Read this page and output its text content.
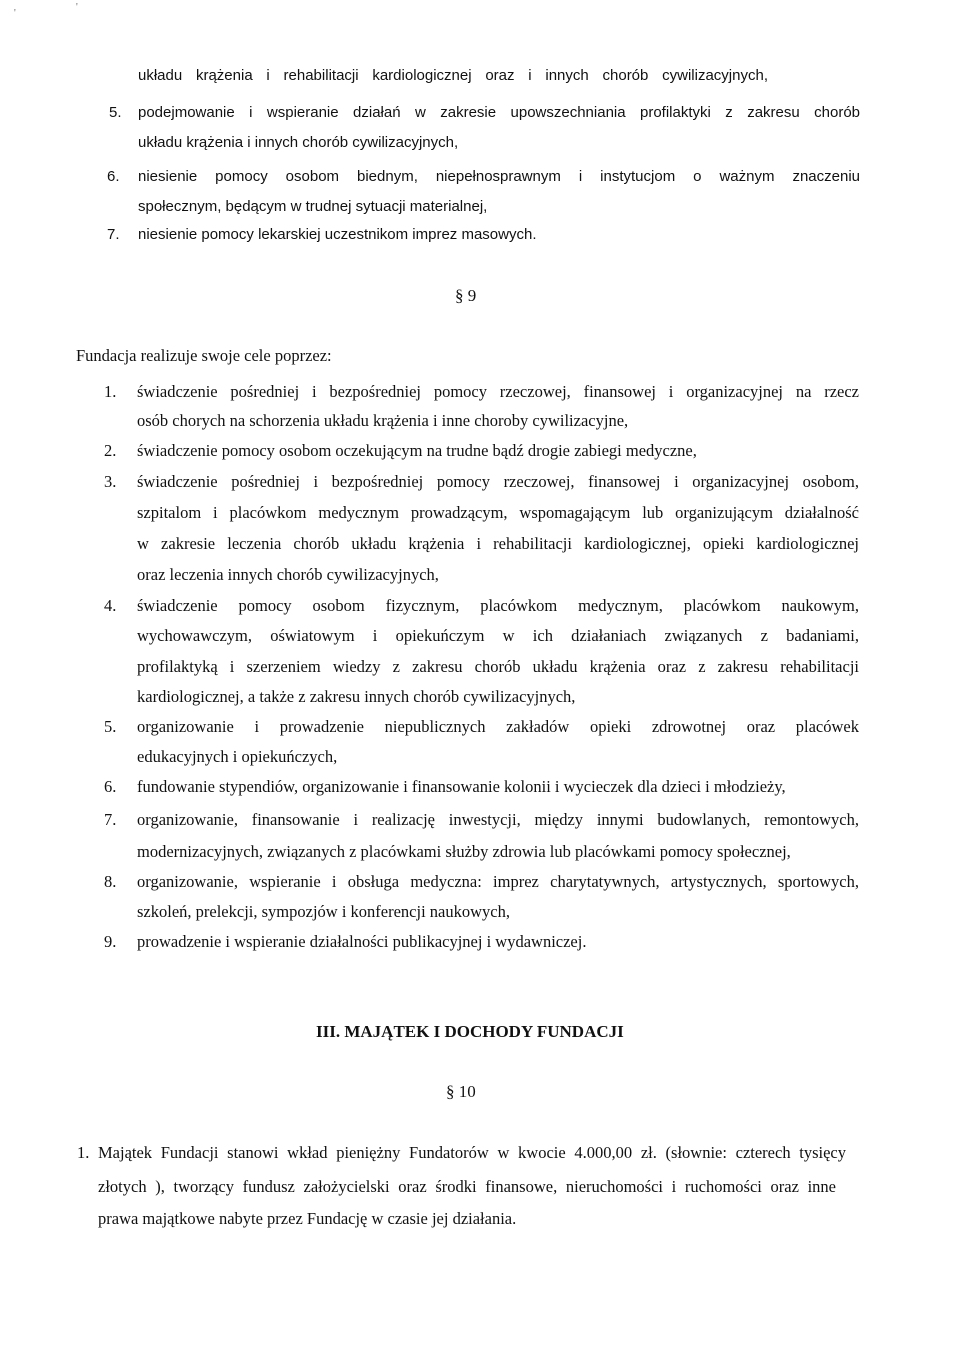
'
'
układu krążenia i rehabilitacji kardiologicznej oraz i innych chorób cywilizacyjnych,
5. podejmowanie i wspieranie działań w zakresie upowszechniania profilaktyki z zakresu chorób
układu krążenia i innych chorób cywilizacyjnych,
6. niesienie pomocy osobom biednym, niepełnosprawnym i instytucjom o ważnym znaczeniu
społecznym, będącym w trudnej sytuacji materialnej,
7. niesienie pomocy lekarskiej uczestnikom imprez masowych.
§ 9
Fundacja realizuje swoje cele poprzez:
1. świadczenie pośredniej i bezpośredniej pomocy rzeczowej, finansowej i organizacyjnej na rzecz
osób chorych na schorzenia układu krążenia i inne choroby cywilizacyjne,
2. świadczenie pomocy osobom oczekującym na trudne bądź drogie zabiegi medyczne,
3. świadczenie pośredniej i bezpośredniej pomocy rzeczowej, finansowej i organizacyjnej osobom,
szpitalom i placówkom medycznym prowadzącym, wspomagającym lub organizującym działalność
w zakresie leczenia chorób układu krążenia i rehabilitacji kardiologicznej, opieki kardiologicznej
oraz leczenia innych chorób cywilizacyjnych,
4. świadczenie pomocy osobom fizycznym, placówkom medycznym, placówkom naukowym,
wychowawczym, oświatowym i opiekuńczym w ich działaniach związanych z badaniami,
profilaktyką i szerzeniem wiedzy z zakresu chorób układu krążenia oraz z zakresu rehabilitacji
kardiologicznej, a także z zakresu innych chorób cywilizacyjnych,
5. organizowanie i prowadzenie niepublicznych zakładów opieki zdrowotnej oraz placówek
edukacyjnych i opiekuńczych,
6. fundowanie stypendiów, organizowanie i finansowanie kolonii i wycieczek dla dzieci i młodzieży,
7. organizowanie, finansowanie i realizację inwestycji, między innymi budowlanych, remontowych,
modernizacyjnych, związanych z placówkami służby zdrowia lub placówkami pomocy społecznej,
8. organizowanie, wspieranie i obsługa medyczna: imprez charytatywnych, artystycznych, sportowych,
szkoleń, prelekcji, sympozjów i konferencji naukowych,
9. prowadzenie i wspieranie działalności publikacyjnej i wydawniczej.
III. MAJĄTEK I DOCHODY FUNDACJI
§ 10
1. Majątek Fundacji stanowi wkład pieniężny Fundatorów w kwocie 4.000,00 zł. (słownie: czterech tysięcy
złotych ), tworzący fundusz założycielski oraz środki finansowe, nieruchomości i ruchomości oraz inne
prawa majątkowe nabyte przez Fundację w czasie jej działania.
